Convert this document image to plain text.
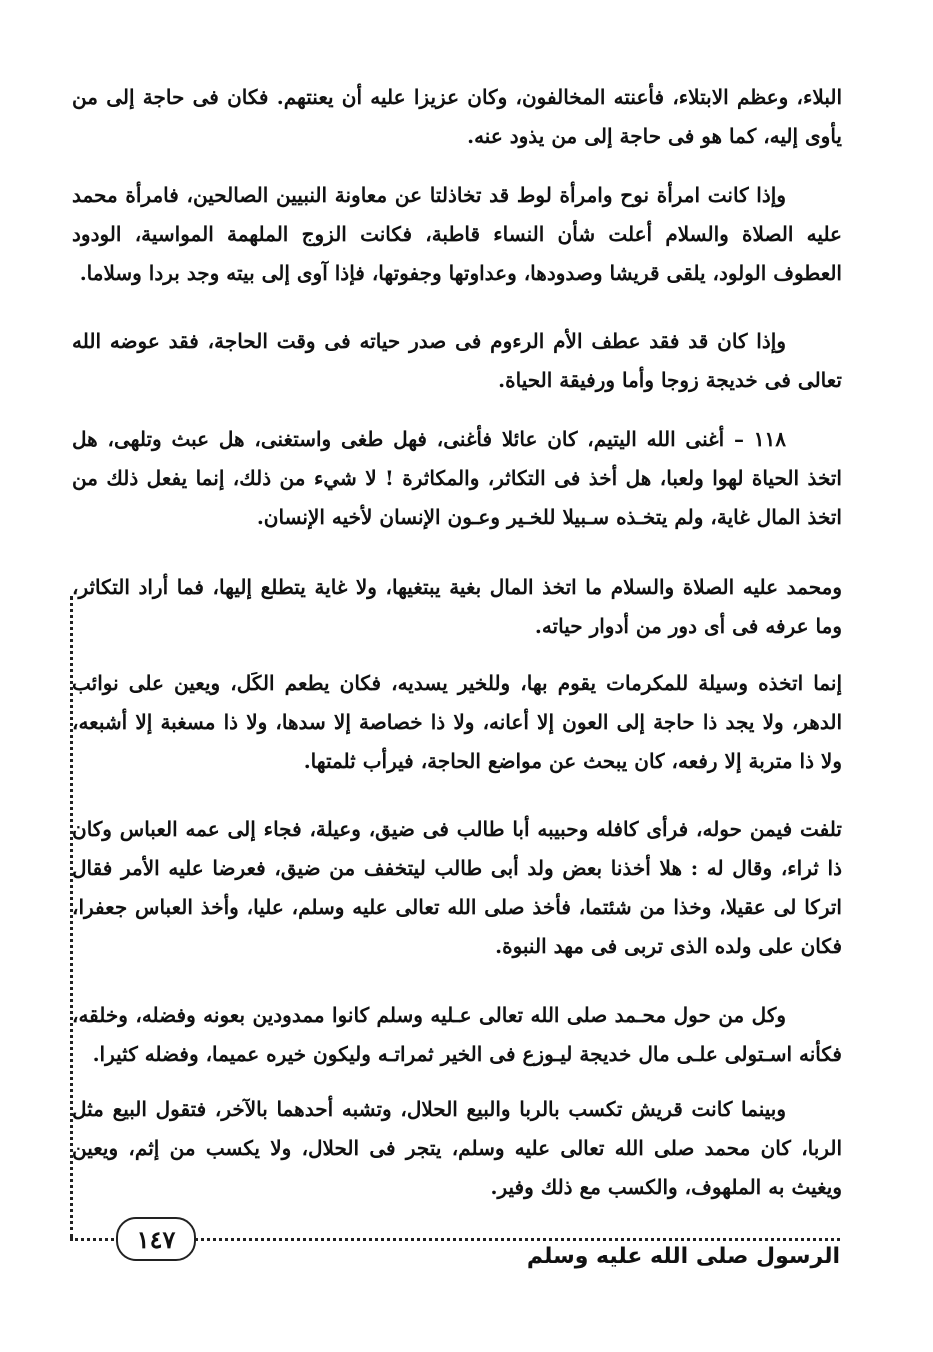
البلاء، وعظم الابتلاء، فأعنته المخالفون، وكان عزيزا عليه أن يعنتهم. فكان فى حاجة إلى من يأوى إليه، كما هو فى حاجة إلى من يذود عنه.

وإذا كانت امرأة نوح وامرأة لوط قد تخاذلتا عن معاونة النبيين الصالحين، فامرأة محمد عليه الصلاة والسلام أعلت شأن النساء قاطبة، فكانت الزوج الملهمة المواسية، الودود العطوف الولود، يلقى قريشا وصدودها، وعداوتها وجفوتها، فإذا آوى إلى بيته وجد بردا وسلاما.

وإذا كان قد فقد عطف الأم الرءوم فى صدر حياته فى وقت الحاجة، فقد عوضه الله تعالى فى خديجة زوجا وأما ورفيقة الحياة.

١١٨ – أغنى الله اليتيم، كان عائلا فأغنى، فهل طغى واستغنى، هل عبث وتلهى، هل اتخذ الحياة لهوا ولعبا، هل أخذ فى التكاثر، والمكاثرة ! لا شيء من ذلك، إنما يفعل ذلك من اتخذ المال غاية، ولم يتخـذه سـبيلا للخـير وعـون الإنسان لأخيه الإنسان.

ومحمد عليه الصلاة والسلام ما اتخذ المال بغية يبتغيها، ولا غاية يتطلع إليها، فما أراد التكاثر، وما عرفه فى أى دور من أدوار حياته.

إنما اتخذه وسيلة للمكرمات يقوم بها، وللخير يسديه، فكان يطعم الكَل، ويعين على نوائب الدهر، ولا يجد ذا حاجة إلى العون إلا أعانه، ولا ذا خصاصة إلا سدها، ولا ذا مسغبة إلا أشبعه، ولا ذا متربة إلا رفعه، كان يبحث عن مواضع الحاجة، فيرأب ثلمتها.

تلفت فيمن حوله، فرأى كافله وحبيبه أبا طالب فى ضيق، وعيلة، فجاء إلى عمه العباس وكان ذا ثراء، وقال له : هلا أخذنا بعض ولد أبى طالب ليتخفف من ضيق، فعرضا عليه الأمر فقال اتركا لى عقيلا، وخذا من شئتما، فأخذ صلى الله تعالى عليه وسلم، عليا، وأخذ العباس جعفرا، فكان على ولده الذى تربى فى مهد النبوة.

وكل من حول محـمد صلى الله تعالى عـليه وسلم كانوا ممدودين بعونه وفضله، وخلقه، فكأنه اسـتولى علـى مال خديجة ليـوزع فى الخير ثمراتـه وليكون خيره عميما، وفضله كثيرا.

وبينما كانت قريش تكسب بالربا والبيع الحلال، وتشبه أحدهما بالآخر، فتقول البيع مثل الربا، كان محمد صلى الله تعالى عليه وسلم، يتجر فى الحلال، ولا يكسب من إثم، ويعين ويغيث به الملهوف، والكسب مع ذلك وفير.

١٤٧
الرسول صلى الله عليه وسلم
